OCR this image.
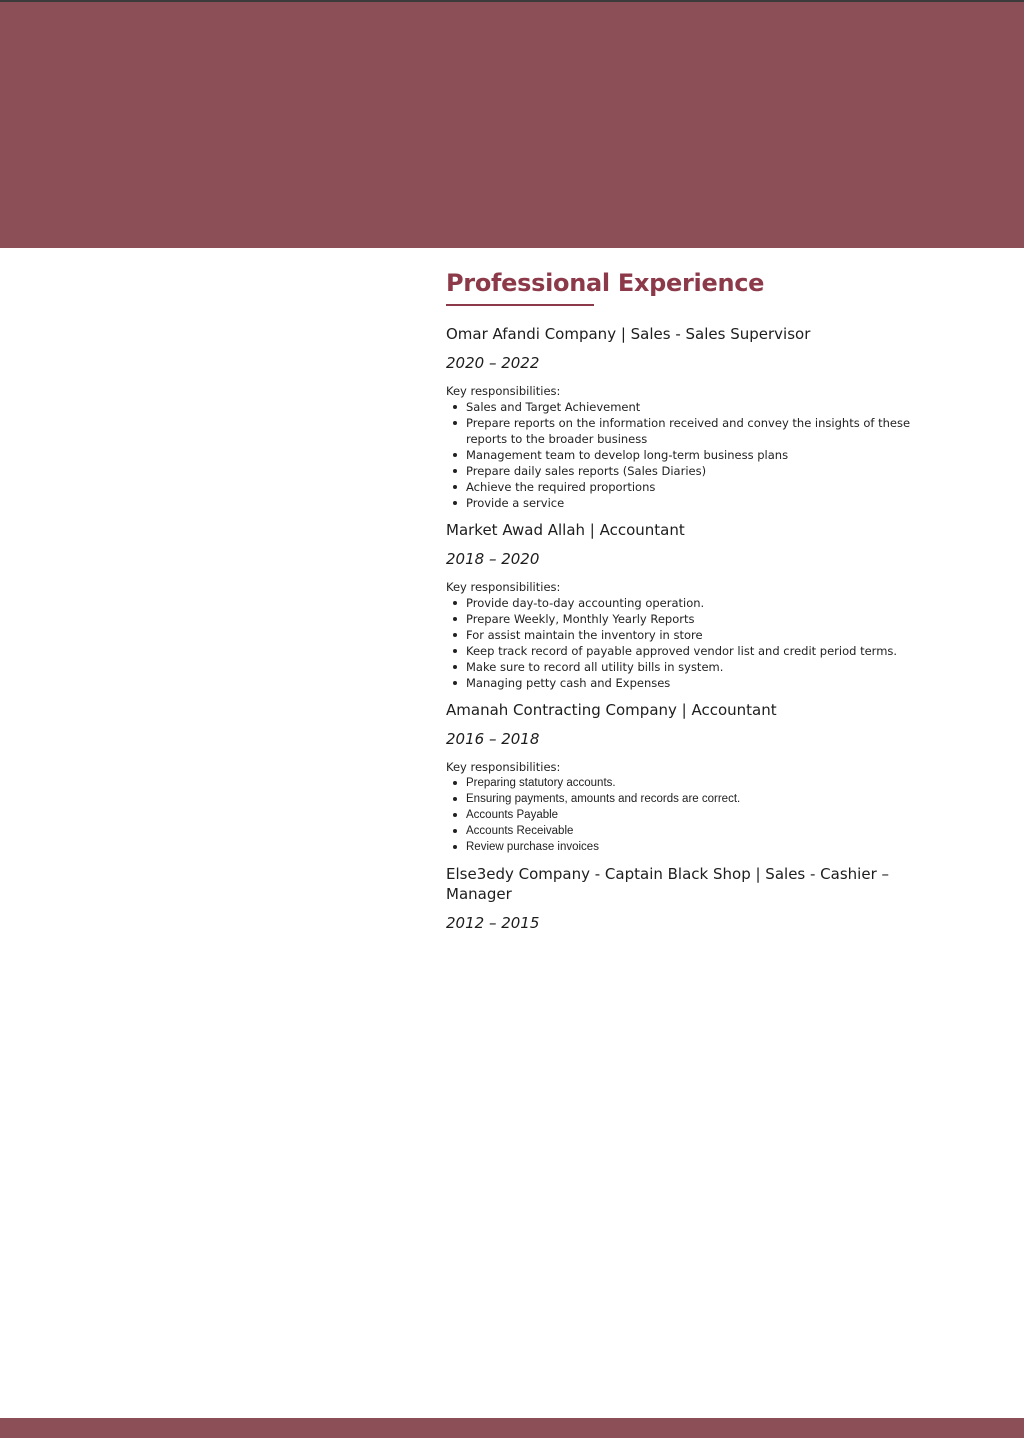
Professional Experience

Omar Afandi Company | Sales - Sales Supervisor

2020 – 2022

Key responsibilities:

Sales and Target Achievement
Prepare reports on the information received and convey the insights of these reports to the broader business
Management team to develop long-term business plans
Prepare daily sales reports (Sales Diaries)
Achieve the required proportions
Provide a service

Market Awad Allah | Accountant

2018 – 2020

Key responsibilities:

Provide day-to-day accounting operation.
Prepare Weekly, Monthly Yearly Reports
For assist maintain the inventory in store
Keep track record of payable approved vendor list and credit period terms.
Make sure to record all utility bills in system.
Managing petty cash and Expenses

Amanah Contracting Company | Accountant

2016 – 2018

Key responsibilities:

Preparing statutory accounts.
Ensuring payments, amounts and records are correct.
Accounts Payable
Accounts Receivable
Review purchase invoices

Else3edy Company - Captain Black Shop | Sales - Cashier – Manager

2012 – 2015
